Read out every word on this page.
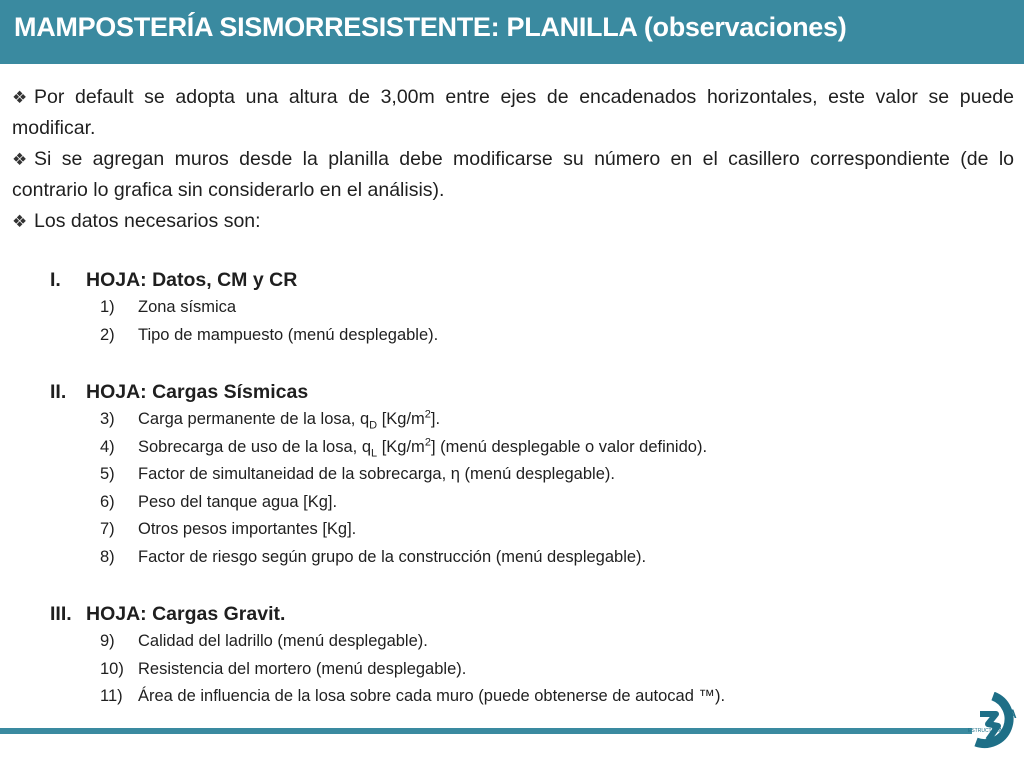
MAMPOSTERÍA SISMORRESISTENTE: PLANILLA (observaciones)

❖ Por default se adopta una altura de 3,00m entre ejes de encadenados horizontales, este valor se puede modificar.

❖ Si se agregan muros desde la planilla debe modificarse su número en el casillero correspondiente (de lo contrario lo grafica sin considerarlo en el análisis).

❖ Los datos necesarios son:

I. HOJA: Datos, CM y CR
1) Zona sísmica
2) Tipo de mampuesto (menú desplegable).
II. HOJA: Cargas Sísmicas
3) Carga permanente de la losa, $q_D$ $[Kg/m^2]$.
4) Sobrecarga de uso de la losa, $q_L$ $[Kg/m^2]$ (menú desplegable o valor definido).
5) Factor de simultaneidad de la sobrecarga, η (menú desplegable).
6) Peso del tanque agua [Kg].
7) Otros pesos importantes [Kg].
8) Factor de riesgo según grupo de la construcción (menú desplegable).
III. HOJA: Cargas Gravit.
9) Calidad del ladrillo (menú desplegable).
10) Resistencia del mortero (menú desplegable).
11) Área de influencia de la losa sobre cada muro (puede obtenerse de autocad ™).
A
ESTRUCTURAS
